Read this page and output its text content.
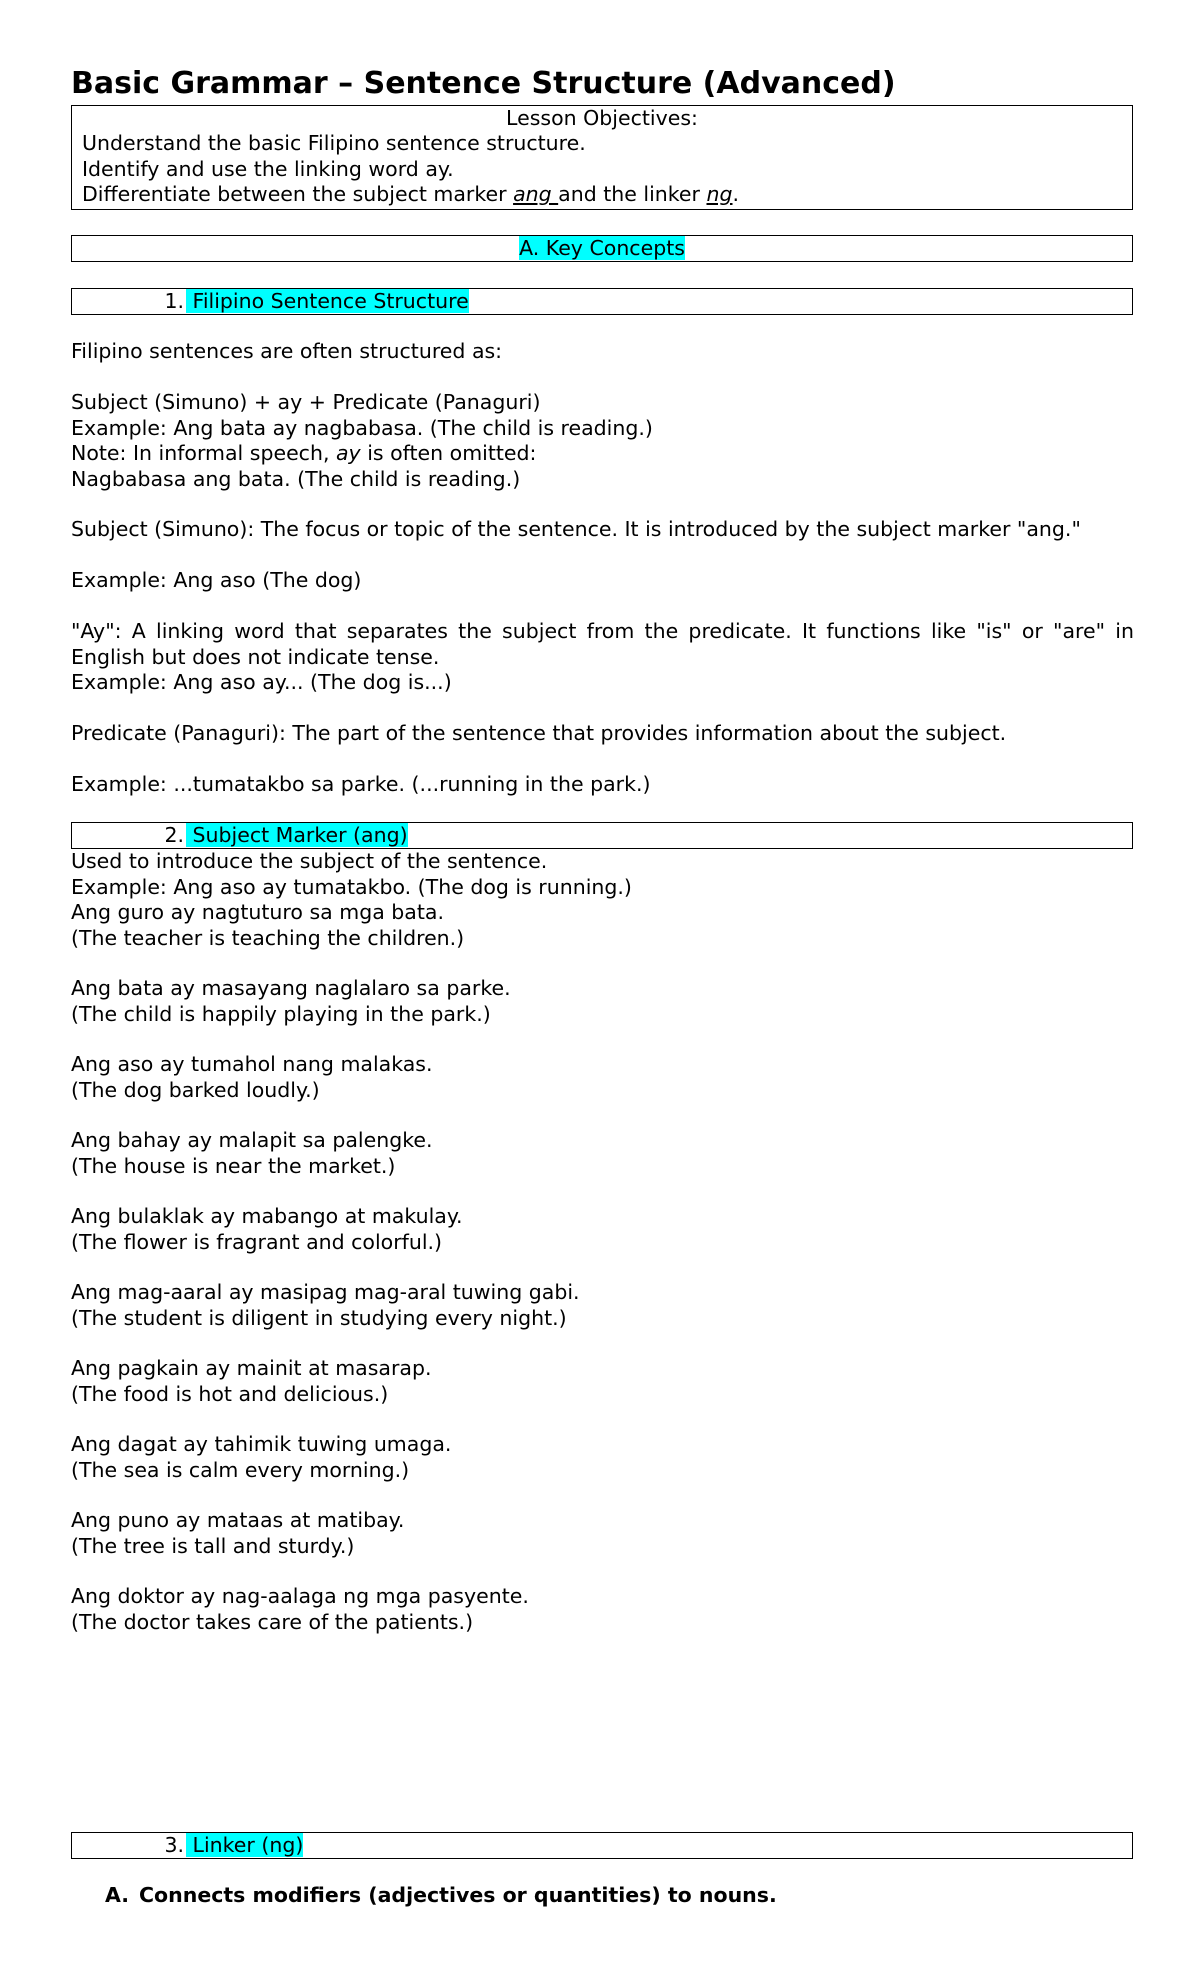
Basic Grammar – Sentence Structure (Advanced)
Lesson Objectives:
Understand the basic Filipino sentence structure.
Identify and use the linking word ay.
Differentiate between the subject marker ang and the linker ng.
A. Key Concepts
1. Filipino Sentence Structure
Filipino sentences are often structured as:
Subject (Simuno) + ay + Predicate (Panaguri)
Example: Ang bata ay nagbabasa. (The child is reading.)
Note: In informal speech, ay is often omitted:
Nagbabasa ang bata. (The child is reading.)
Subject (Simuno): The focus or topic of the sentence. It is introduced by the subject marker "ang."
Example: Ang aso (The dog)
"Ay": A linking word that separates the subject from the predicate. It functions like "is" or "are" in English but does not indicate tense.
Example: Ang aso ay... (The dog is...)
Predicate (Panaguri): The part of the sentence that provides information about the subject.
Example: ...tumatakbo sa parke. (...running in the park.)
2. Subject Marker (ang)
Used to introduce the subject of the sentence.
Example: Ang aso ay tumatakbo. (The dog is running.)
Ang guro ay nagtuturo sa mga bata.
(The teacher is teaching the children.)
Ang bata ay masayang naglalaro sa parke.
(The child is happily playing in the park.)
Ang aso ay tumahol nang malakas.
(The dog barked loudly.)
Ang bahay ay malapit sa palengke.
(The house is near the market.)
Ang bulaklak ay mabango at makulay.
(The flower is fragrant and colorful.)
Ang mag-aaral ay masipag mag-aral tuwing gabi.
(The student is diligent in studying every night.)
Ang pagkain ay mainit at masarap.
(The food is hot and delicious.)
Ang dagat ay tahimik tuwing umaga.
(The sea is calm every morning.)
Ang puno ay mataas at matibay.
(The tree is tall and sturdy.)
Ang doktor ay nag-aalaga ng mga pasyente.
(The doctor takes care of the patients.)
3. Linker (ng)
A. Connects modifiers (adjectives or quantities) to nouns.
